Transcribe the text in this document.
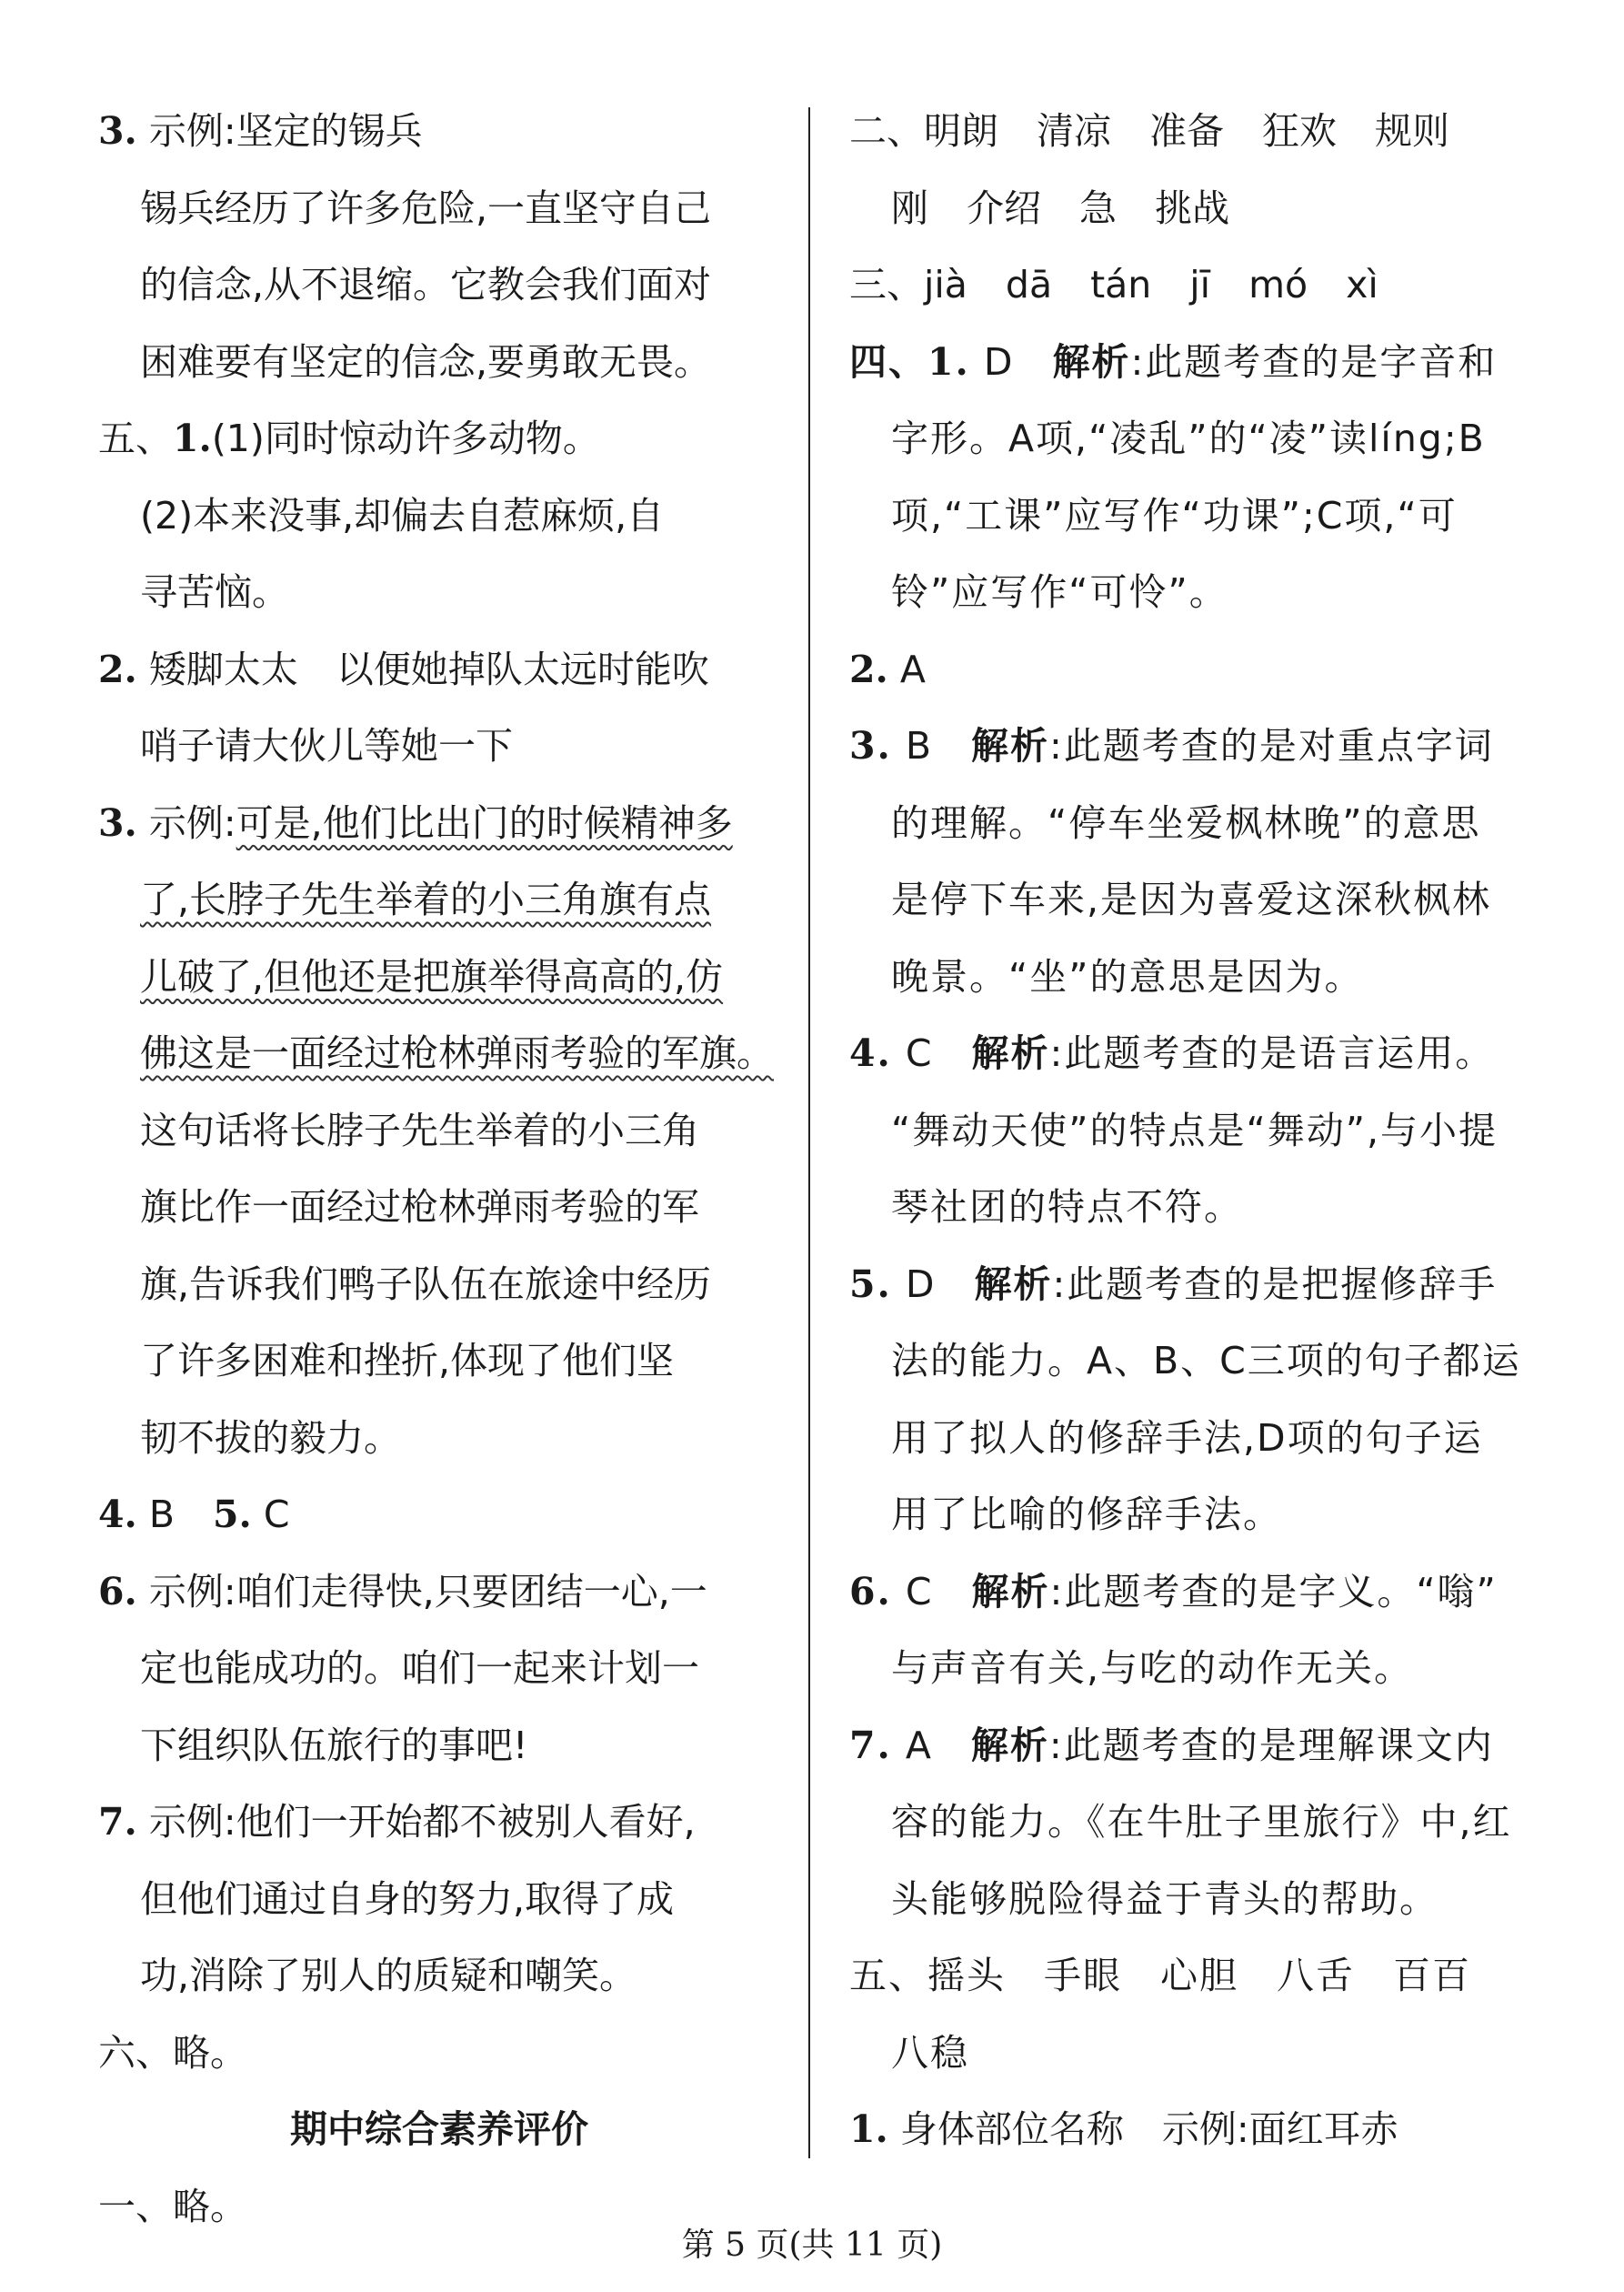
3. 示例:坚定的锡兵
锡兵经历了许多危险,一直坚守自己
的信念,从不退缩。它教会我们面对
困难要有坚定的信念,要勇敢无畏。
五、1.(1)同时惊动许多动物。
(2)本来没事,却偏去自惹麻烦,自
寻苦恼。
2. 矮脚太太 以便她掉队太远时能吹
哨子请大伙儿等她一下
3. 示例:可是,他们比出门的时候精神多
了,长脖子先生举着的小三角旗有点
儿破了,但他还是把旗举得高高的,仿
佛这是一面经过枪林弹雨考验的军旗。
这句话将长脖子先生举着的小三角
旗比作一面经过枪林弹雨考验的军
旗,告诉我们鸭子队伍在旅途中经历
了许多困难和挫折,体现了他们坚
韧不拔的毅力。
4. B 5. C
6. 示例:咱们走得快,只要团结一心,一
定也能成功的。咱们一起来计划一
下组织队伍旅行的事吧!
7. 示例:他们一开始都不被别人看好,
但他们通过自身的努力,取得了成
功,消除了别人的质疑和嘲笑。
六、略。
期中综合素养评价
一、略。
二、明朗 清凉 准备 狂欢 规则
刚 介绍 急 挑战
三、jià dā tán jī mó xì
四、1. D 解析:此题考查的是字音和
字形。A项,“凌乱”的“凌”读líng;B
项,“工课”应写作“功课”;C项,“可
铃”应写作“可怜”。
2. A
3. B 解析:此题考查的是对重点字词
的理解。“停车坐爱枫林晚”的意思
是停下车来,是因为喜爱这深秋枫林
晚景。“坐”的意思是因为。
4. C 解析:此题考查的是语言运用。
“舞动天使”的特点是“舞动”,与小提
琴社团的特点不符。
5. D 解析:此题考查的是把握修辞手
法的能力。A、B、C三项的句子都运
用了拟人的修辞手法,D项的句子运
用了比喻的修辞手法。
6. C 解析:此题考查的是字义。“嗡”
与声音有关,与吃的动作无关。
7. A 解析:此题考查的是理解课文内
容的能力。《在牛肚子里旅行》中,红
头能够脱险得益于青头的帮助。
五、摇头 手眼 心胆 八舌 百百
八稳
1. 身体部位名称 示例:面红耳赤
第 5 页(共 11 页)
